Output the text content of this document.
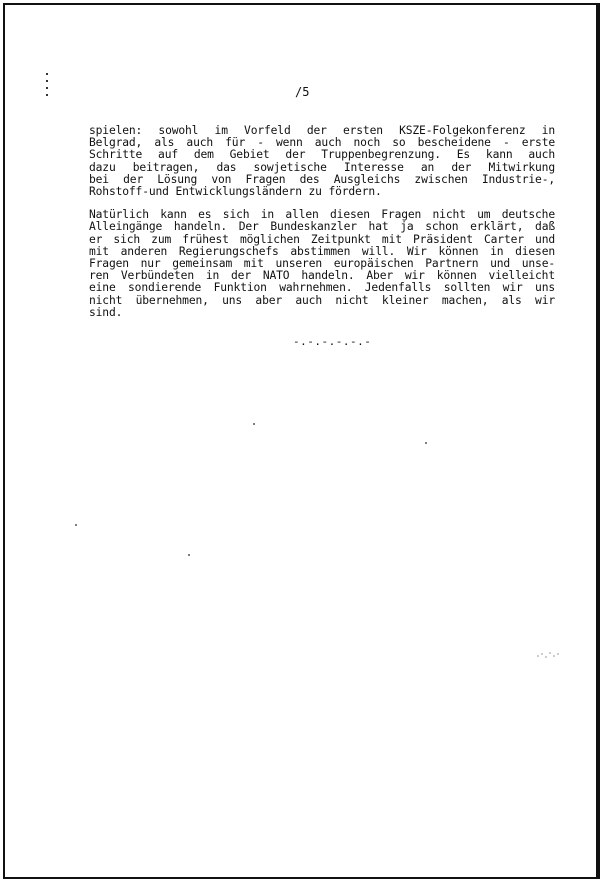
/5
spielen: sowohl im Vorfeld der ersten KSZE-Folgekonferenz in
Belgrad, als auch für - wenn auch noch so bescheidene - erste
Schritte auf dem Gebiet der Truppenbegrenzung. Es kann auch
dazu beitragen, das sowjetische Interesse an der Mitwirkung
bei der Lösung von Fragen des Ausgleichs zwischen Industrie-,
Rohstoff-und Entwicklungsländern zu fördern.
Natürlich kann es sich in allen diesen Fragen nicht um deutsche
Alleingänge handeln. Der Bundeskanzler hat ja schon erklärt, daß
er sich zum frühest möglichen Zeitpunkt mit Präsident Carter und
mit anderen Regierungschefs abstimmen will. Wir können in diesen
Fragen nur gemeinsam mit unseren europäischen Partnern und unse-
ren Verbündeten in der NATO handeln. Aber wir können vielleicht
eine sondierende Funktion wahrnehmen. Jedenfalls sollten wir uns
nicht übernehmen, uns aber auch nicht kleiner machen, als wir
sind.
-.-.-.-.-.-
